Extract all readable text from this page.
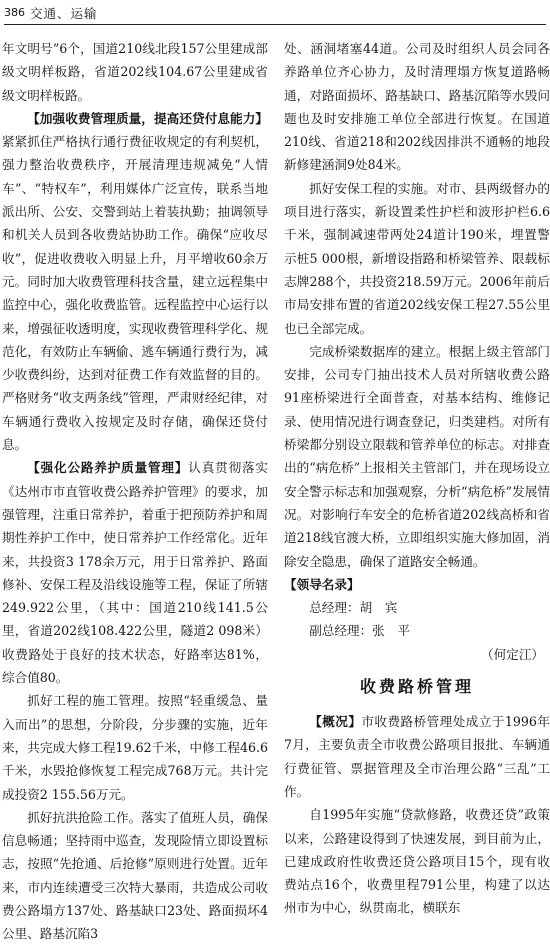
386 交通、运输

年文明号”6个，国道210线北段157公里建成部级文明样板路，省道202线104.67公里建成省级文明样板路。

【加强收费管理质量，提高还贷付息能力】紧紧抓住严格执行通行费征收规定的有利契机，强力整治收费秩序，开展清理违规减免“人情车”、“特权车”，利用媒体广泛宣传，联系当地派出所、公安、交警到站上着装执勤；抽调领导和机关人员到各收费站协助工作。确保“应收尽收”，促进收费收入明显上升，月平增收60余万元。同时加大收费管理科技含量，建立远程集中监控中心，强化收费监管。远程监控中心运行以来，增强征收透明度，实现收费管理科学化、规范化，有效防止车辆偷、逃车辆通行费行为，减少收费纠纷，达到对征费工作有效监督的目的。严格财务“收支两条线”管理，严肃财经纪律，对车辆通行费收入按规定及时存储，确保还贷付息。

【强化公路养护质量管理】认真贯彻落实《达州市市直管收费公路养护管理》的要求，加强管理，注重日常养护，着重于把预防养护和周期性养护工作中，使日常养护工作经常化。近年来，共投资3 178余万元，用于日常养护、路面修补、安保工程及沿线设施等工程，保证了所辖249.922公里，（其中：国道210线141.5公里，省道202线108.422公里，隧道2 098米）收费路处于良好的技术状态，好路率达81%，综合值80。

抓好工程的施工管理。按照“轻重缓急、量入而出”的思想，分阶段，分步骤的实施，近年来，共完成大修工程19.62千米，中修工程46.6千米，水毁抢修恢复工程完成768万元。共计完成投资2 155.56万元。

抓好抗洪抢险工作。落实了值班人员，确保信息畅通；坚持雨中巡查，发现险情立即设置标志，按照“先抢通、后抢修”原则进行处置。近年来，市内连续遭受三次特大暴雨，共造成公司收费公路塌方137处、路基缺口23处、路面损坏4公里、路基沉陷3

处、涵洞堵塞44道。公司及时组织人员会同各养路单位齐心协力，及时清理塌方恢复道路畅通，对路面损坏、路基缺口、路基沉陷等水毁问题也及时安排施工单位全部进行恢复。在国道210线、省道218和202线因排洪不通畅的地段新修建涵洞9处84米。

抓好安保工程的实施。对市、县两级督办的项目进行落实，新设置柔性护栏和波形护栏6.6千米，强制减速带两处24道计190米，埋置警示桩5 000根，新增设指路和桥梁管养、限载标志牌288个，共投资218.59万元。2006年前后市局安排布置的省道202线安保工程27.55公里也已全部完成。

完成桥梁数据库的建立。根据上级主管部门安排，公司专门抽出技术人员对所辖收费公路91座桥梁进行全面普查，对基本结构、维修记录、使用情况进行调查登记，归类建档。对所有桥梁都分别设立限载和管养单位的标志。对排查出的“病危桥”上报相关主管部门，并在现场设立安全警示标志和加强观察，分析“病危桥”发展情况。对影响行车安全的危桥省道202线高桥和省道218线官渡大桥，立即组织实施大修加固，消除安全隐患，确保了道路安全畅通。

【领导名录】

总经理：胡　宾

副总经理：张　平

（何定江）

收费路桥管理

【概况】市收费路桥管理处成立于1996年7月，主要负责全市收费公路项目报批、车辆通行费征管、票据管理及全市治理公路“三乱”工作。

自1995年实施“贷款修路，收费还贷”政策以来，公路建设得到了快速发展，到目前为止，已建成政府性收费还贷公路项目15个，现有收费站点16个，收费里程791公里，构建了以达州市为中心，纵贯南北，横联东
